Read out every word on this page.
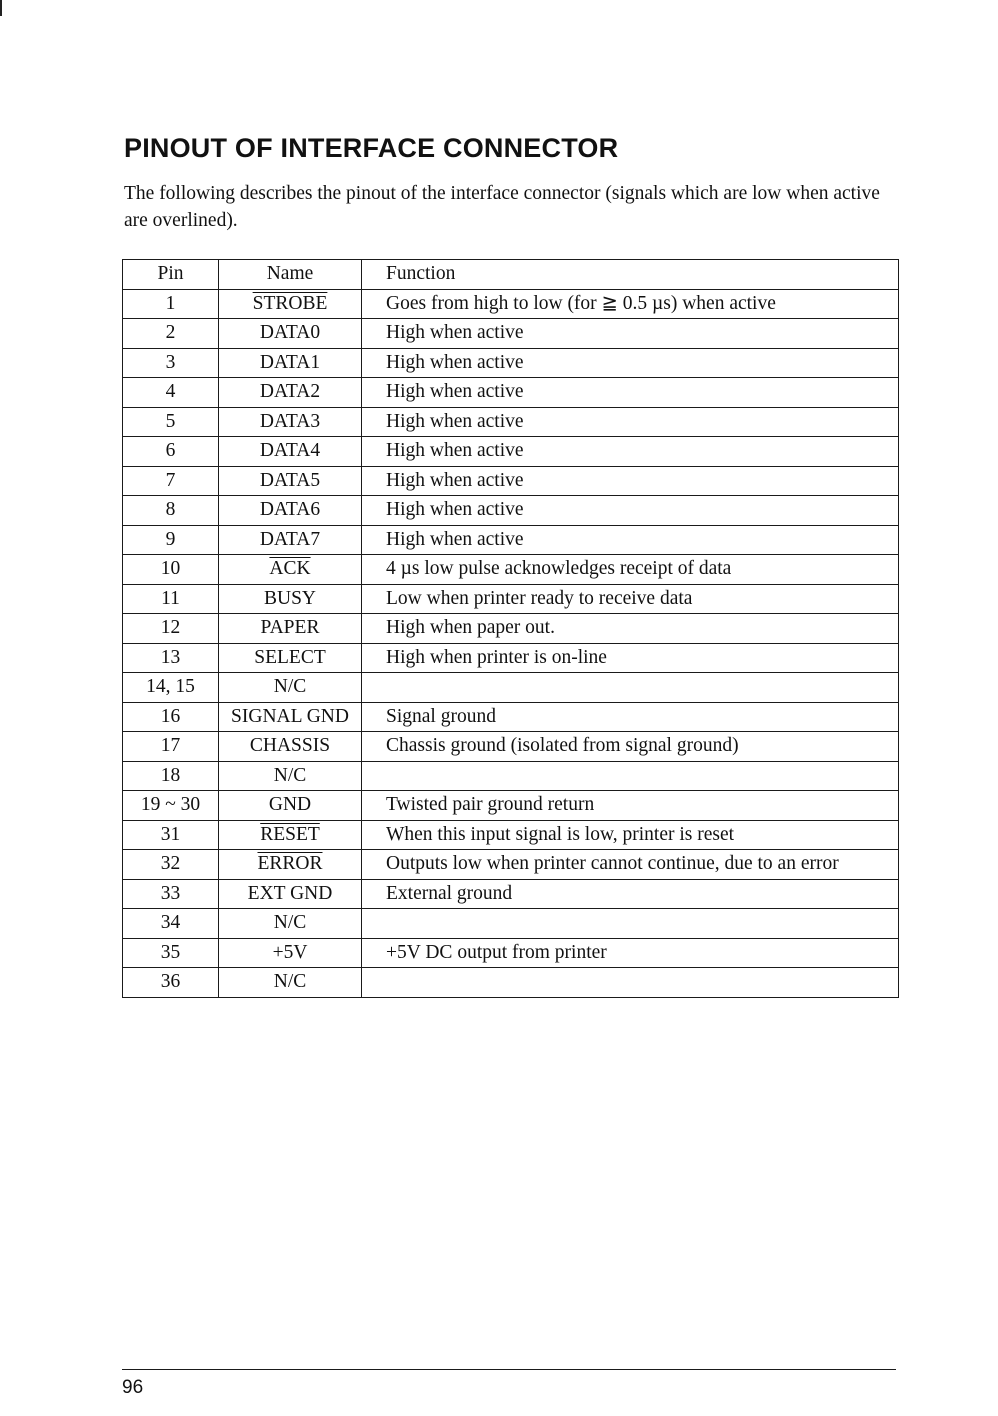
PINOUT OF INTERFACE CONNECTOR

The following describes the pinout of the interface connector (signals which are low when active are overlined).

Pin	Name	Function
1	STROBE	Goes from high to low (for ≧ 0.5 µs) when active
2	DATA0	High when active
3	DATA1	High when active
4	DATA2	High when active
5	DATA3	High when active
6	DATA4	High when active
7	DATA5	High when active
8	DATA6	High when active
9	DATA7	High when active
10	$\overline{ACK}$	4 µs low pulse acknowledges receipt of data
11	BUSY	Low when printer ready to receive data
12	PAPER	High when paper out.
13	SELECT	High when printer is on-line
14, 15	N/C	
16	SIGNAL GND	Signal ground
17	CHASSIS	Chassis ground (isolated from signal ground)
18	N/C	
19 ~ 30	GND	Twisted pair ground return
31	RESET	When this input signal is low, printer is reset
32	ERROR	Outputs low when printer cannot continue, due to an error
33	EXT GND	External ground
34	N/C	
35	+5V	+5V DC output from printer
36	N/C	
96
